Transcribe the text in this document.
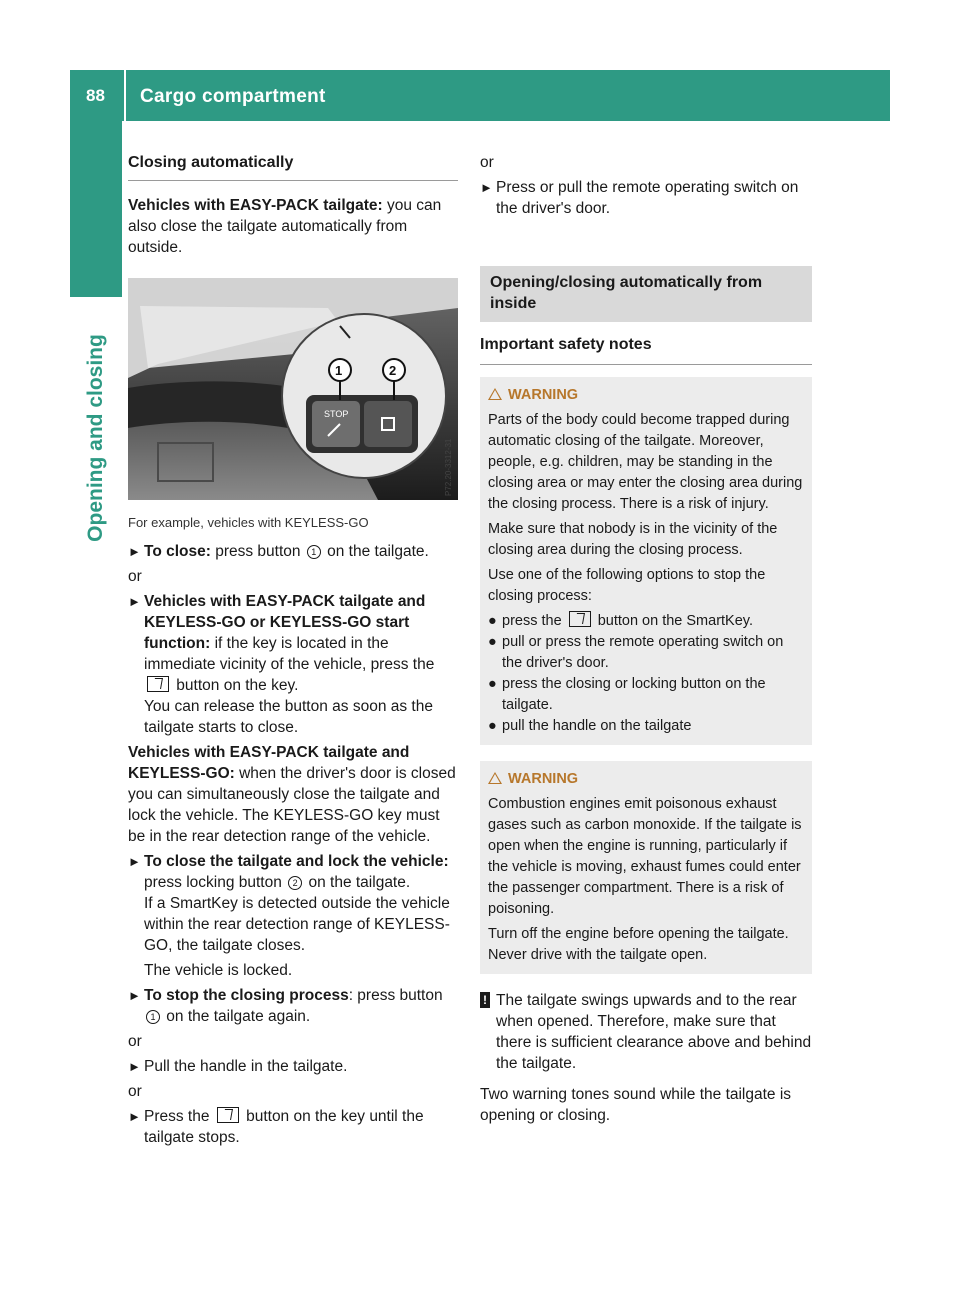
88 Cargo compartment
Opening and closing
Closing automatically

Vehicles with EASY-PACK tailgate: you can also close the tailgate automatically from outside.

STOP
1	2
P72.20-3312-31

For example, vehicles with KEYLESS-GO

► To close: press button 1 on the tailgate.

or

► Vehicles with EASY-PACK tailgate and KEYLESS-GO or KEYLESS-GO start function: if the key is located in the immediate vicinity of the vehicle, press the  button on the key.
You can release the button as soon as the tailgate starts to close.

Vehicles with EASY-PACK tailgate and KEYLESS-GO: when the driver's door is closed you can simultaneously close the tailgate and lock the vehicle. The KEYLESS-GO key must be in the rear detection range of the vehicle.

► To close the tailgate and lock the vehicle: press locking button 2 on the tailgate.
If a SmartKey is detected outside the vehicle within the rear detection range of KEYLESS-GO, the tailgate closes.

The vehicle is locked.

► To stop the closing process: press button 1 on the tailgate again.

or

► Pull the handle in the tailgate.

or

► Press the  button on the key until the tailgate stops.

or

► Press or pull the remote operating switch on the driver's door.

Opening/closing automatically from inside
Important safety notes

WARNING

Parts of the body could become trapped during automatic closing of the tailgate. Moreover, people, e.g. children, may be standing in the closing area or may enter the closing area during the closing process. There is a risk of injury.

Make sure that nobody is in the vicinity of the closing area during the closing process.

Use one of the following options to stop the closing process:

● press the  button on the SmartKey.

● pull or press the remote operating switch on the driver's door.

● press the closing or locking button on the tailgate.

● pull the handle on the tailgate

WARNING

Combustion engines emit poisonous exhaust gases such as carbon monoxide. If the tailgate is open when the engine is running, particularly if the vehicle is moving, exhaust fumes could enter the passenger compartment. There is a risk of poisoning.

Turn off the engine before opening the tailgate. Never drive with the tailgate open.

! The tailgate swings upwards and to the rear when opened. Therefore, make sure that there is sufficient clearance above and behind the tailgate.

Two warning tones sound while the tailgate is opening or closing.
